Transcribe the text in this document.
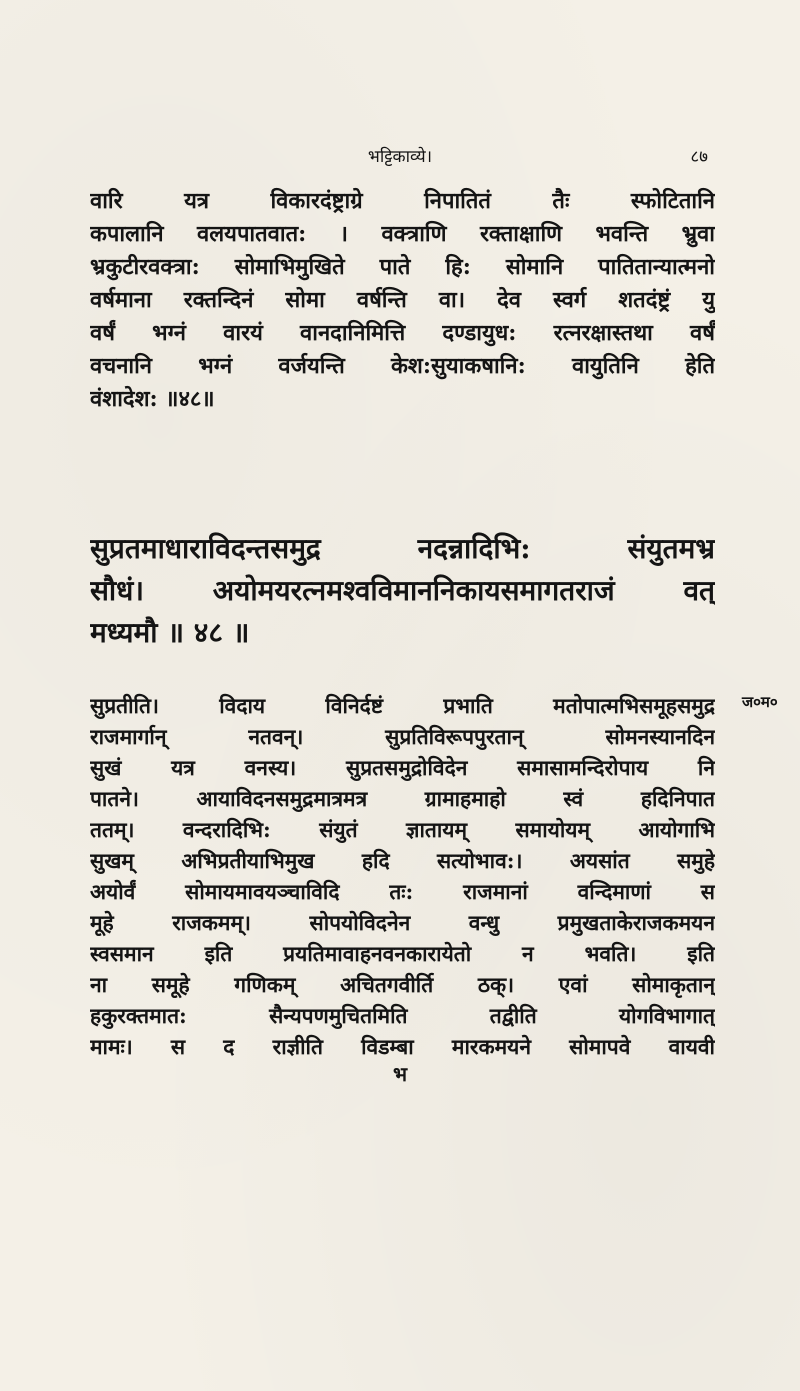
भट्टिकाव्ये।	८७
वारि यत्र विकारदंष्ट्राग्रे निपातितं तैः स्फोटितानि
कपालानि वलयपातवात: । वक्त्राणि रक्ताक्षाणि भवन्ति भ्रुवा
भ्रकुटीरवक्त्रा: सोमाभिमुखिते पाते हि: सोमानि पातितान्यात्मनो
वर्षमाना रक्तन्दिनं सोमा वर्षन्ति वा। देव स्वर्ग शतदंष्ट्रं यु
वर्षं भग्नं वारयं वानदानिमित्ति दण्डायुध: रत्नरक्षास्तथा वर्षं
वचनानि भग्नं वर्जयन्ति केश:सुयाकषानि: वायुतिनि हेति
वंशादेश: ॥४८॥
सुप्रतमाधाराविदन्तसमुद्र नदन्नादिभि: संयुतमभ्र
सौधं। अयोमयरत्नमश्वविमाननिकायसमागतराजं वत्
मध्यमौ ॥ ४८ ॥
ज०म०
सुप्रतीति। विदाय विनिर्दष्टं प्रभाति मतोपात्मभिसमूहसमुद्र
राजमार्गान् नतवन्। सुप्रतिविरूपपुरतान् सोमनस्यानदिन
सुखं यत्र वनस्य। सुप्रतसमुद्रोविदेन समासामन्दिरोपाय नि
पातने। आयाविदनसमुद्रमात्रमत्र ग्रामाहमाहो स्वं हदिनिपात
ततम्। वन्दरादिभि: संयुतं ज्ञातायम् समायोयम् आयोगाभि
सुखम् अभिप्रतीयाभिमुख हदि सत्योभाव:। अयसांत समुहे
अयोर्वं सोमायमावयञ्चाविदि तः: राजमानां वन्दिमाणां स
मूहे राजकमम्। सोपयोविदनेन वन्धु प्रमुखताकेराजकमयन
स्वसमान इति प्रयतिमावाहनवनकारायेतो न भवति। इति
ना समूहे गणिकम् अचितगवीर्ति ठक्। एवां सोमाकृतान्
हकुरक्तमात: सैन्यपणमुचितमिति तद्वीति योगविभागात्
मामः। स द राज्ञीति विडम्बा मारकमयने सोमापवे वायवी
भ
